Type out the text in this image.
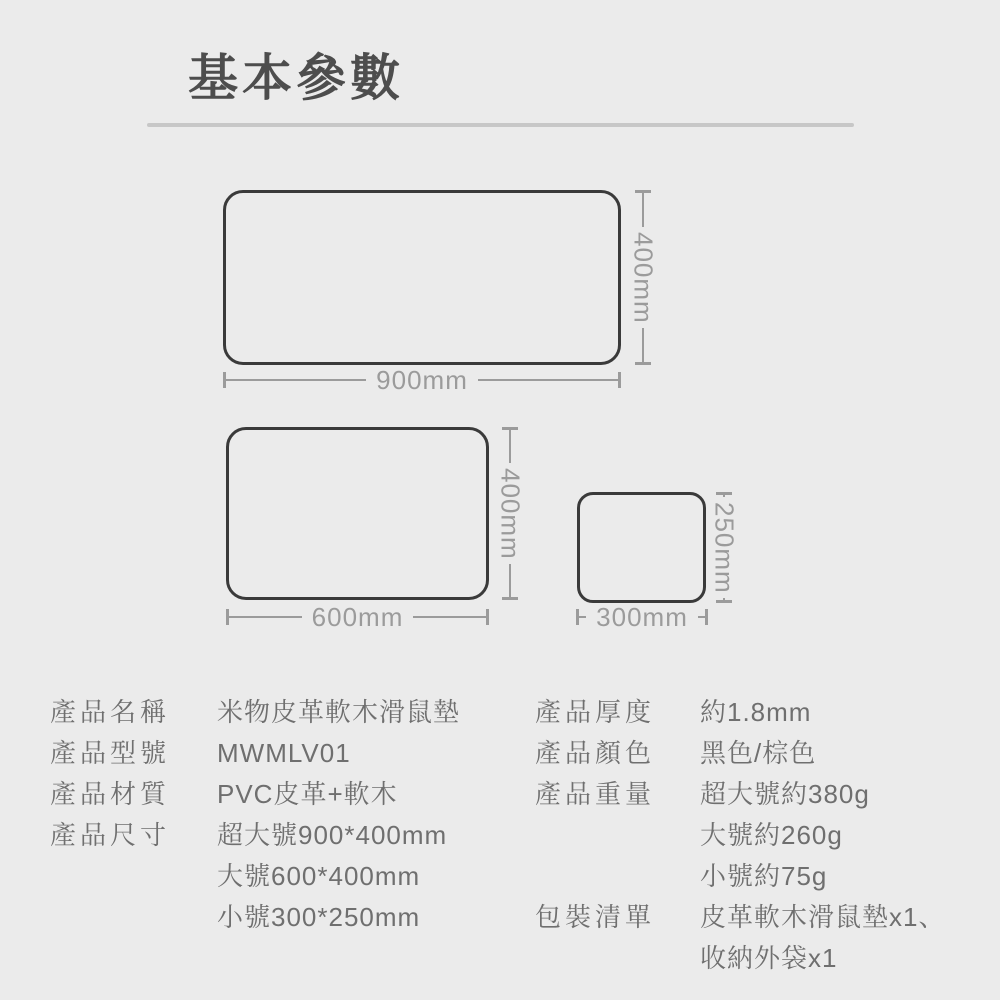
基本參數
400mm
900mm
400mm
600mm
250mm
300mm
產品名稱	米物皮革軟木滑鼠墊
產品型號	MWMLV01
產品材質	PVC皮革+軟木
產品尺寸	超大號900*400mm
大號600*400mm
小號300*250mm
產品厚度	約1.8mm
產品顏色	黑色/棕色
產品重量	超大號約380g
大號約260g
小號約75g
包裝清單	皮革軟木滑鼠墊x1、
收納外袋x1
